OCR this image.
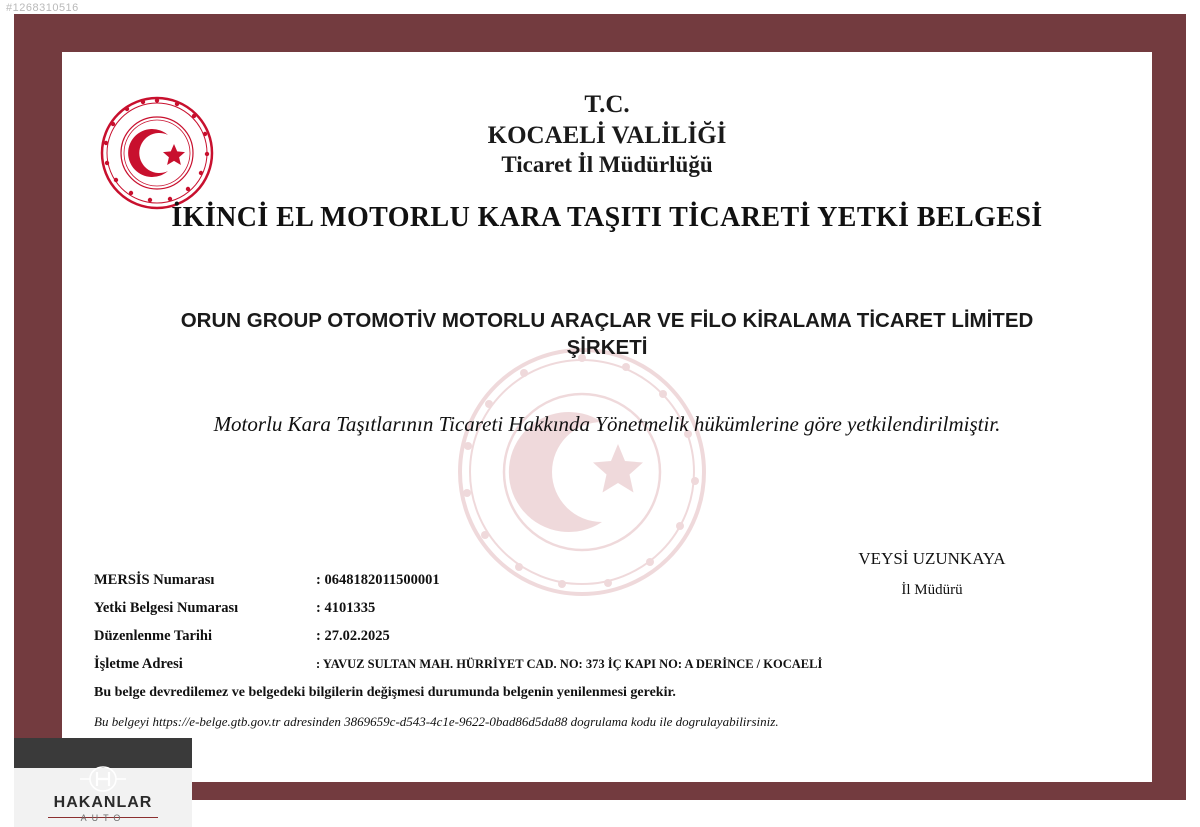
#1268310516
T.C.
KOCAELİ VALİLİĞİ
Ticaret İl Müdürlüğü
İKİNCİ EL MOTORLU KARA TAŞITI TİCARETİ YETKİ BELGESİ
ORUN GROUP OTOMOTİV MOTORLU ARAÇLAR VE FİLO KİRALAMA TİCARET LİMİTED ŞİRKETİ
Motorlu Kara Taşıtlarının Ticareti Hakkında Yönetmelik hükümlerine göre yetkilendirilmiştir.
VEYSİ UZUNKAYA
İl Müdürü
MERSİS Numarası	: 0648182011500001
Yetki Belgesi Numarası	: 4101335
Düzenlenme Tarihi	: 27.02.2025
İşletme Adresi	: YAVUZ SULTAN MAH. HÜRRİYET CAD. NO: 373 İÇ KAPI NO: A DERİNCE / KOCAELİ
Bu belge devredilemez ve belgedeki bilgilerin değişmesi durumunda belgenin yenilenmesi gerekir.
Bu belgeyi https://e-belge.gtb.gov.tr adresinden 3869659c-d543-4c1e-9622-0bad86d5da88 dogrulama kodu ile dogrulayabilirsiniz.
HAKANLAR
AUTO
